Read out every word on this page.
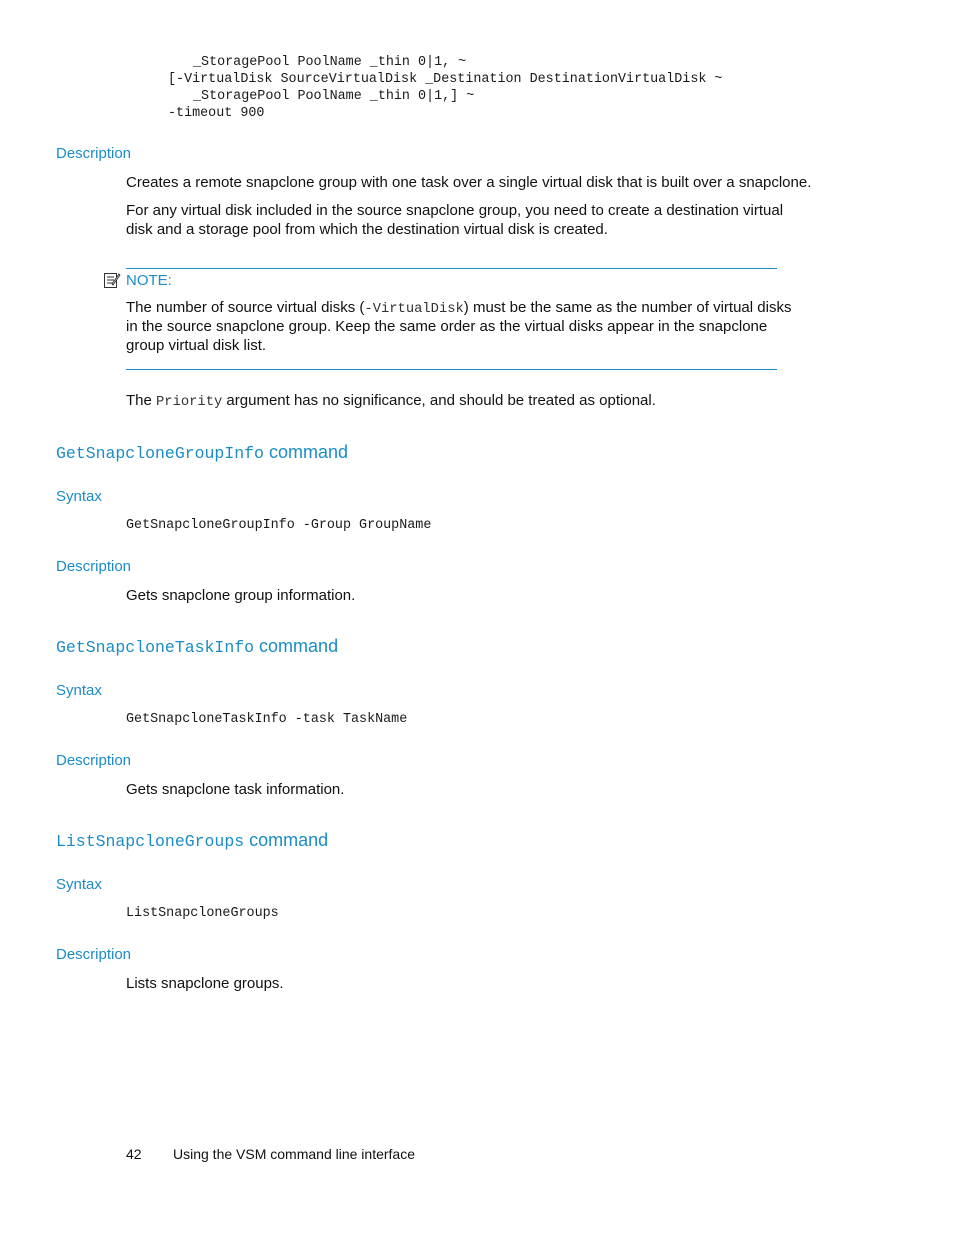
_StoragePool PoolName _thin 0|1, ~
[-VirtualDisk SourceVirtualDisk _Destination DestinationVirtualDisk ~
_StoragePool PoolName _thin 0|1,] ~
-timeout 900
Description
Creates a remote snapclone group with one task over a single virtual disk that is built over a snapclone.
For any virtual disk included in the source snapclone group, you need to create a destination virtual
disk and a storage pool from which the destination virtual disk is created.
NOTE:
The number of source virtual disks (-VirtualDisk) must be the same as the number of virtual disks
in the source snapclone group. Keep the same order as the virtual disks appear in the snapclone
group virtual disk list.
The Priority argument has no significance, and should be treated as optional.
GetSnapcloneGroupInfo command
Syntax
GetSnapcloneGroupInfo -Group GroupName
Description
Gets snapclone group information.
GetSnapcloneTaskInfo command
Syntax
GetSnapcloneTaskInfo -task TaskName
Description
Gets snapclone task information.
ListSnapcloneGroups command
Syntax
ListSnapcloneGroups
Description
Lists snapclone groups.
42 Using the VSM command line interface
